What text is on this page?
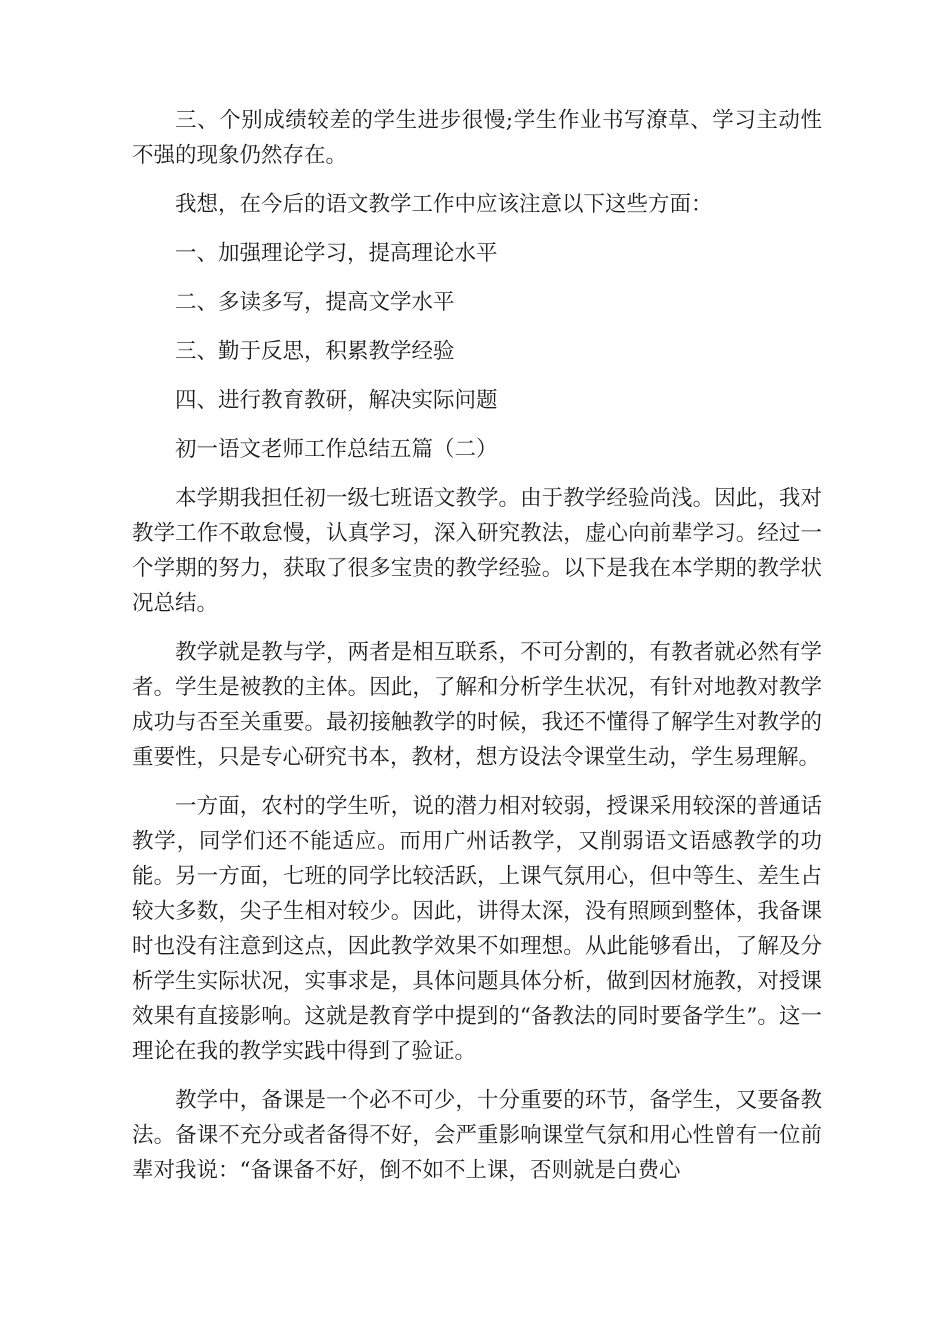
三、个别成绩较差的学生进步很慢;学生作业书写潦草、学习主动性不强的现象仍然存在。

我想，在今后的语文教学工作中应该注意以下这些方面：

一、加强理论学习，提高理论水平

二、多读多写，提高文学水平

三、勤于反思，积累教学经验

四、进行教育教研，解决实际问题

初一语文老师工作总结五篇（二）

本学期我担任初一级七班语文教学。由于教学经验尚浅。因此，我对教学工作不敢怠慢，认真学习，深入研究教法，虚心向前辈学习。经过一个学期的努力，获取了很多宝贵的教学经验。以下是我在本学期的教学状况总结。

教学就是教与学，两者是相互联系，不可分割的，有教者就必然有学者。学生是被教的主体。因此，了解和分析学生状况，有针对地教对教学成功与否至关重要。最初接触教学的时候，我还不懂得了解学生对教学的重要性，只是专心研究书本，教材，想方设法令课堂生动，学生易理解。

一方面，农村的学生听，说的潜力相对较弱，授课采用较深的普通话教学，同学们还不能适应。而用广州话教学，又削弱语文语感教学的功能。另一方面，七班的同学比较活跃，上课气氛用心，但中等生、差生占较大多数，尖子生相对较少。因此，讲得太深，没有照顾到整体，我备课时也没有注意到这点，因此教学效果不如理想。从此能够看出，了解及分析学生实际状况，实事求是，具体问题具体分析，做到因材施教，对授课效果有直接影响。这就是教育学中提到的“备教法的同时要备学生”。这一理论在我的教学实践中得到了验证。

教学中，备课是一个必不可少，十分重要的环节，备学生，又要备教法。备课不充分或者备得不好，会严重影响课堂气氛和用心性曾有一位前辈对我说：“备课备不好，倒不如不上课，否则就是白费心
